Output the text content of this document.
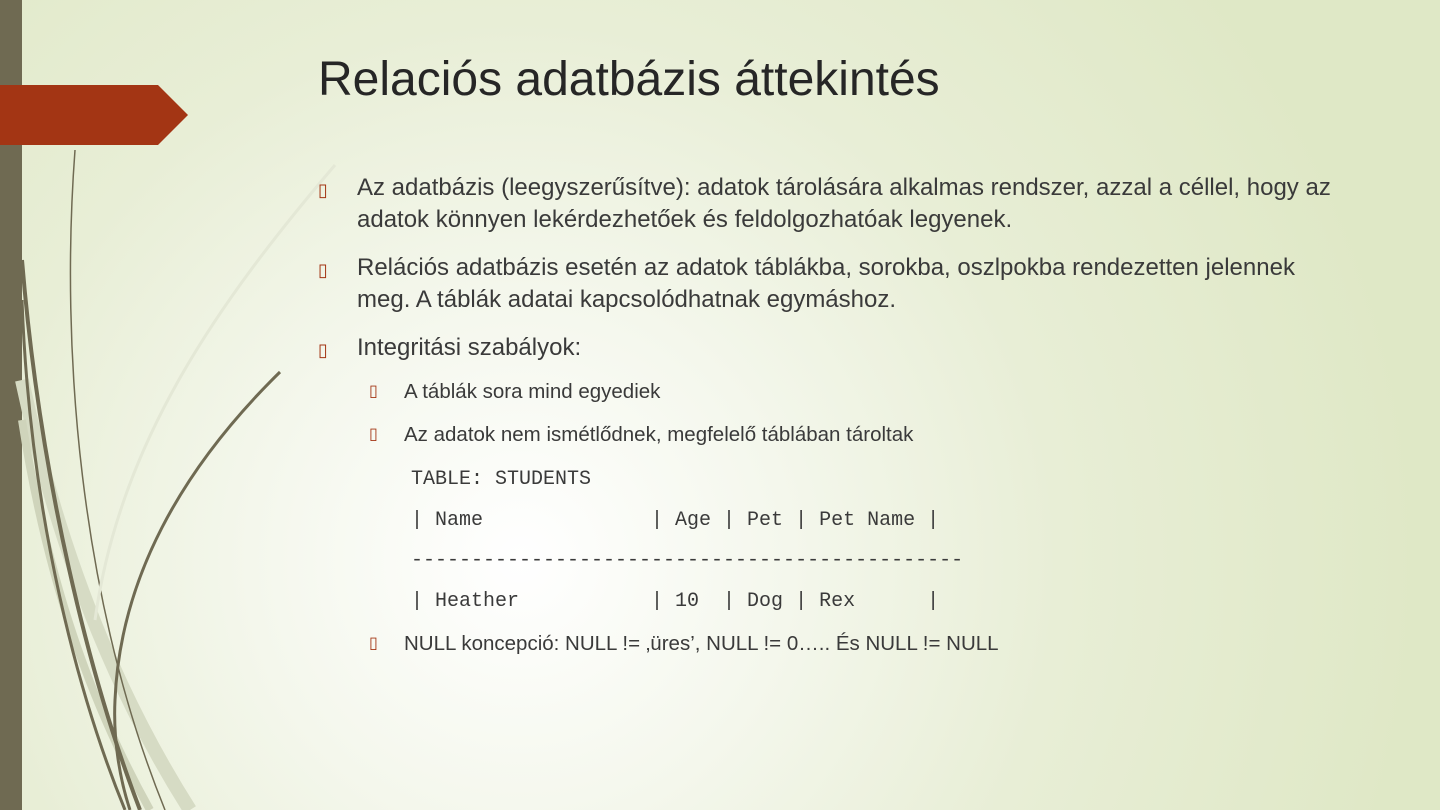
Relaciós adatbázis áttekintés
▯ Az adatbázis (leegyszerűsítve): adatok tárolására alkalmas rendszer, azzal a céllel, hogy az adatok könnyen lekérdezhetőek és feldolgozhatóak legyenek.
▯ Relációs adatbázis esetén az adatok táblákba, sorokba, oszlpokba rendezetten jelennek meg. A táblák adatai kapcsolódhatnak egymáshoz.
▯ Integritási szabályok:
▯ A táblák sora mind egyediek
▯ Az adatok nem ismétlődnek, megfelelő táblában tároltak
TABLE: STUDENTS
| Name              | Age | Pet | Pet Name |
----------------------------------------------
| Heather           | 10  | Dog | Rex      |
▯ NULL koncepció: NULL != ‚üres’, NULL != 0….. És NULL != NULL
